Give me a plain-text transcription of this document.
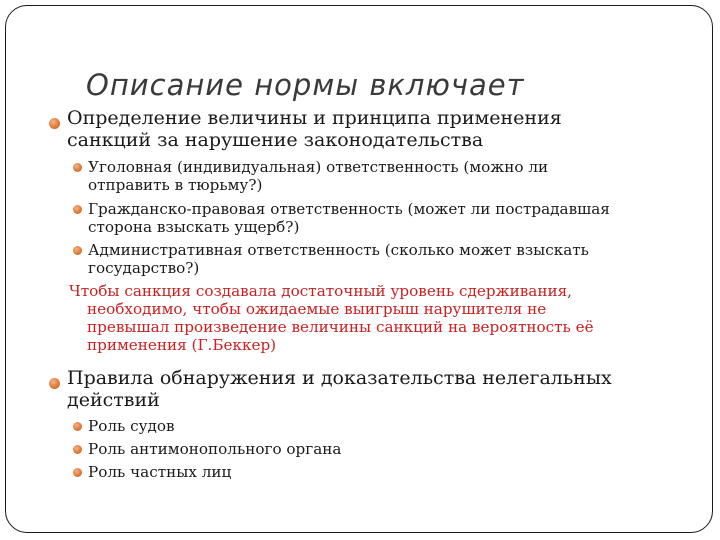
Описание нормы включает
Определение величины и принципа применения
санкций за нарушение законодательства
Уголовная (индивидуальная) ответственность (можно ли
отправить в тюрьму?)
Гражданско-правовая ответственность (может ли пострадавшая
сторона взыскать ущерб?)
Административная ответственность (сколько может взыскать
государство?)
Чтобы санкция создавала достаточный уровень сдерживания,
необходимо, чтобы ожидаемые выигрыш нарушителя не
превышал произведение величины санкций на вероятность её
применения (Г.Беккер)
Правила обнаружения и доказательства нелегальных
действий
Роль судов
Роль антимонопольного органа
Роль частных лиц
